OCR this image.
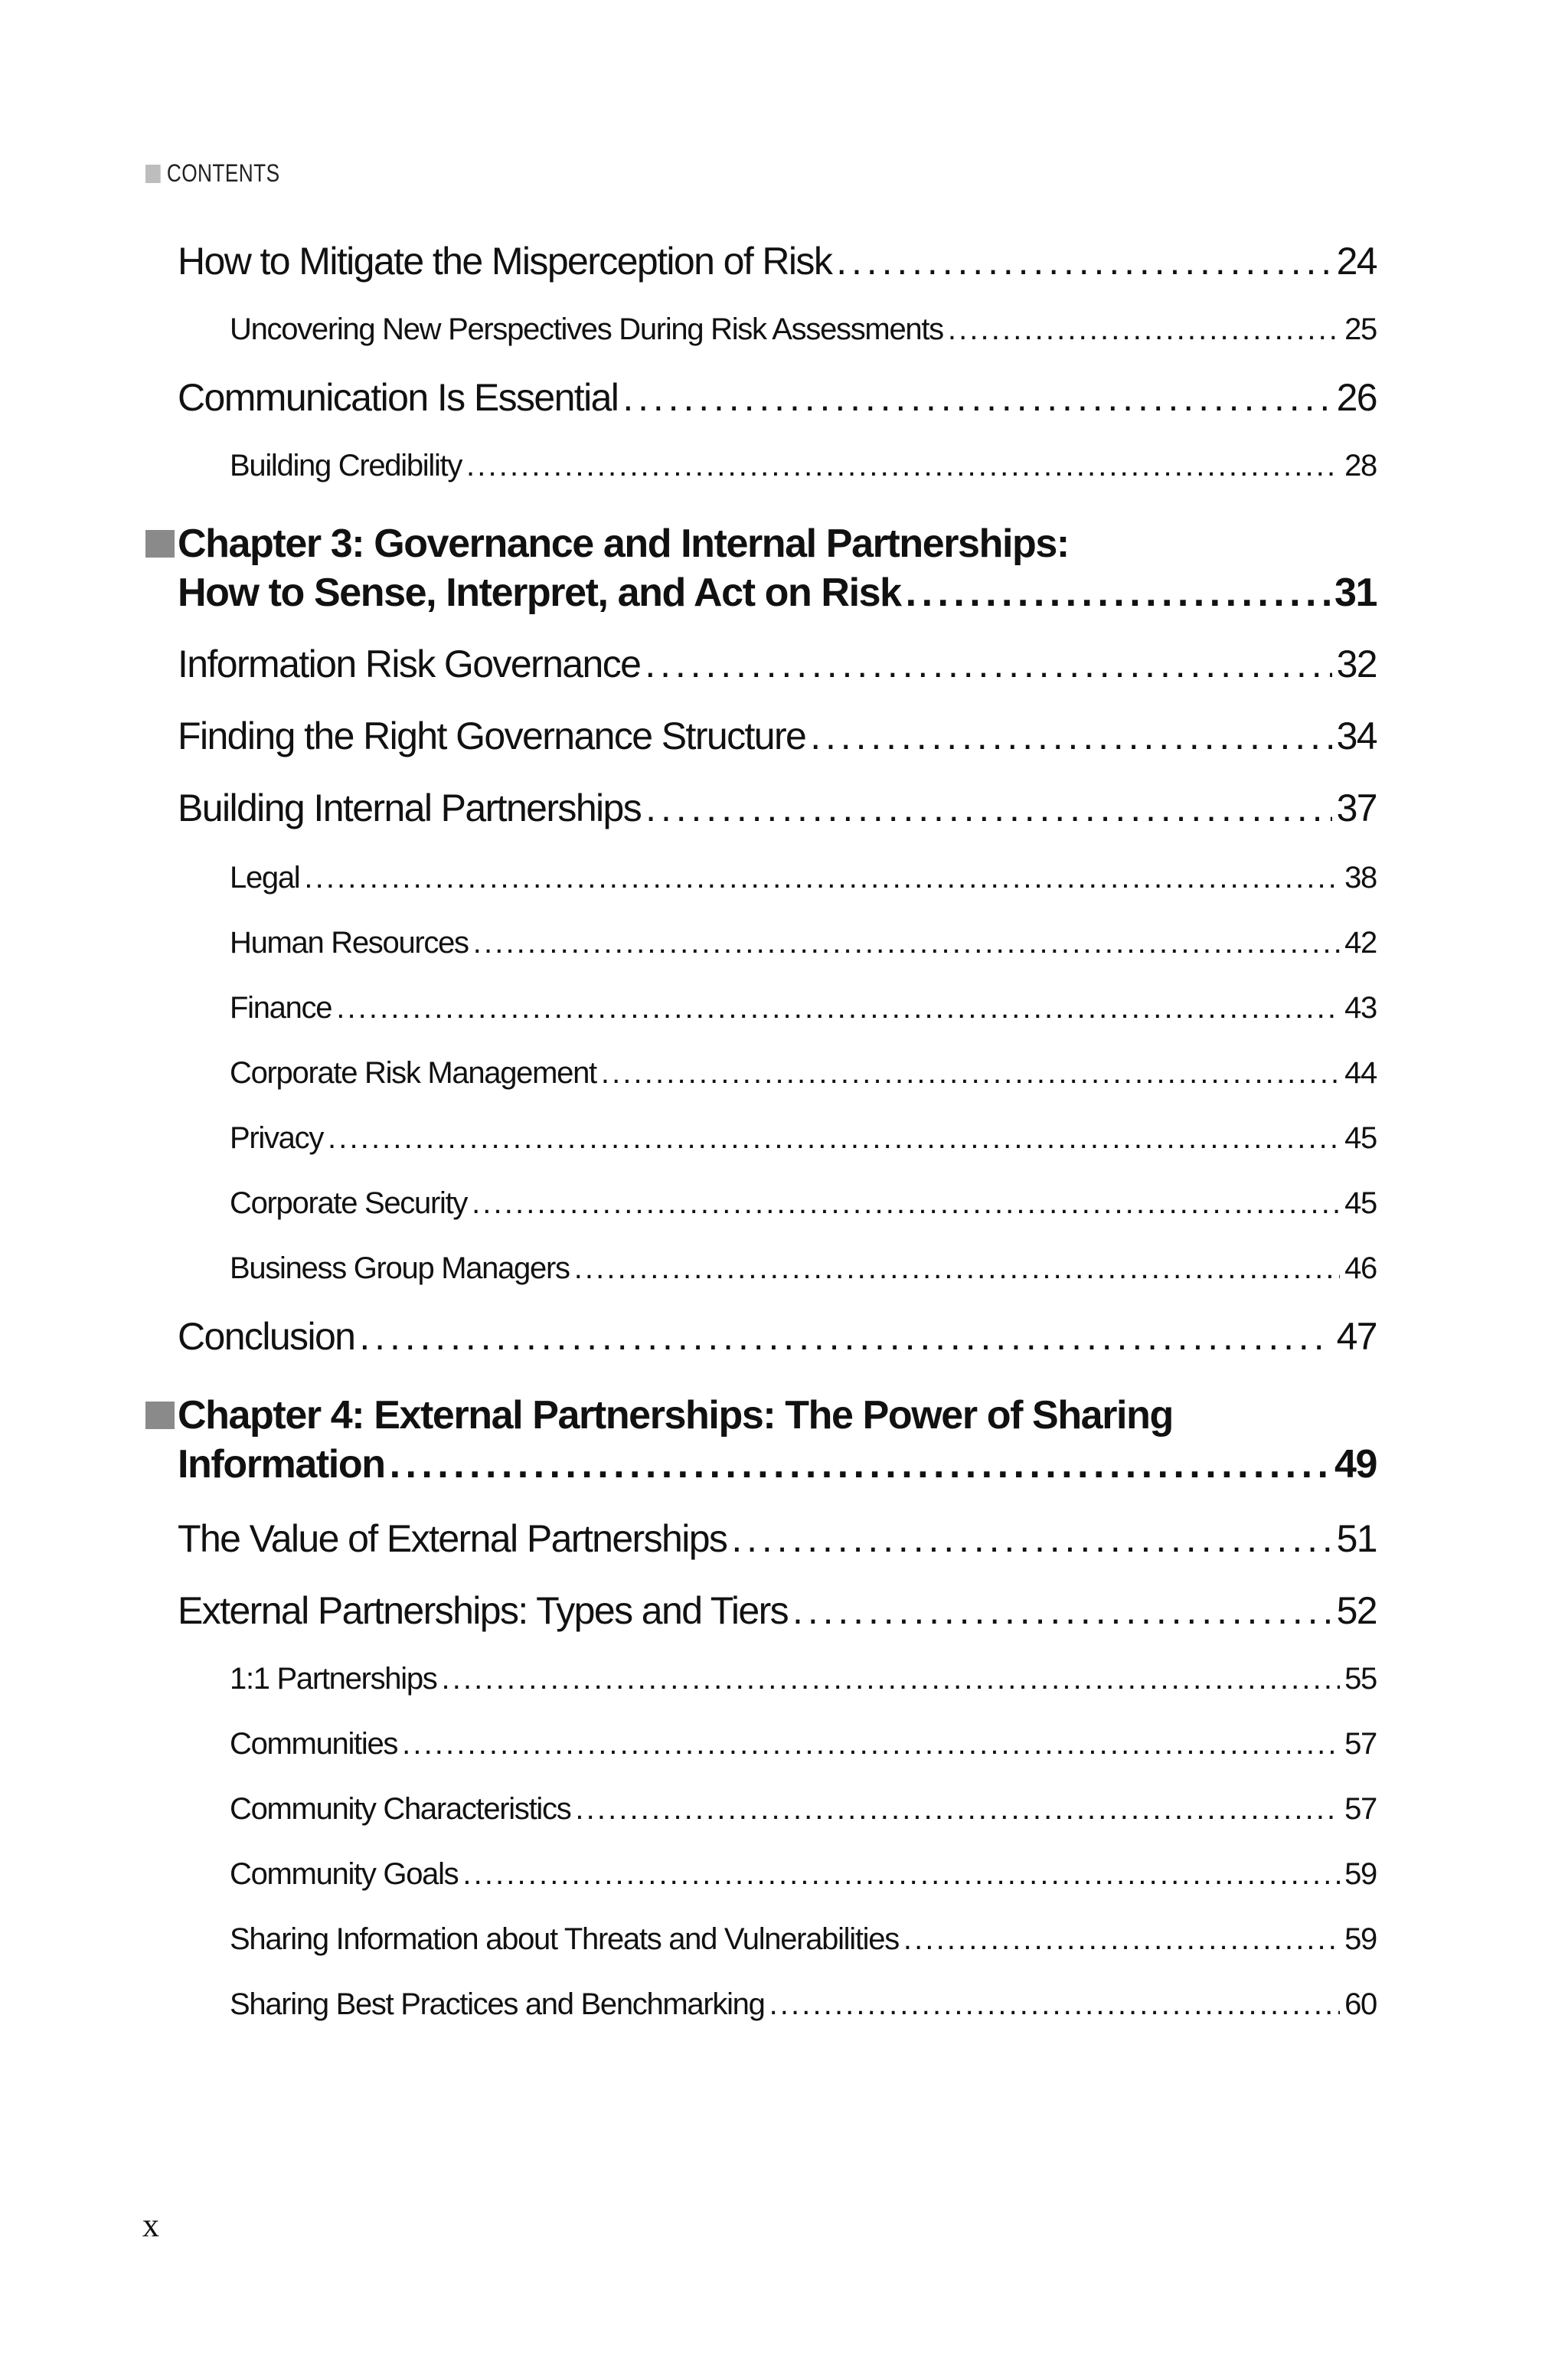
CONTENTS
How to Mitigate the Misperception of Risk . . .	24
Uncovering New Perspectives During Risk Assessments . . .	25
Communication Is Essential . . .	26
Building Credibility . . .	28
Chapter 3: Governance and Internal Partnerships:
How to Sense, Interpret, and Act on Risk . . .	31
Information Risk Governance . . .	32
Finding the Right Governance Structure . . .	34
Building Internal Partnerships . . .	37
Legal . . .	38
Human Resources . . .	42
Finance . . .	43
Corporate Risk Management . . .	44
Privacy . . .	45
Corporate Security . . .	45
Business Group Managers . . .	46
Conclusion . . .	47
Chapter 4: External Partnerships: The Power of Sharing
Information . . .	49
The Value of External Partnerships . . .	51
External Partnerships: Types and Tiers . . .	52
1:1 Partnerships . . .	55
Communities . . .	57
Community Characteristics . . .	57
Community Goals . . .	59
Sharing Information about Threats and Vulnerabilities . . .	59
Sharing Best Practices and Benchmarking . . .	60
x
